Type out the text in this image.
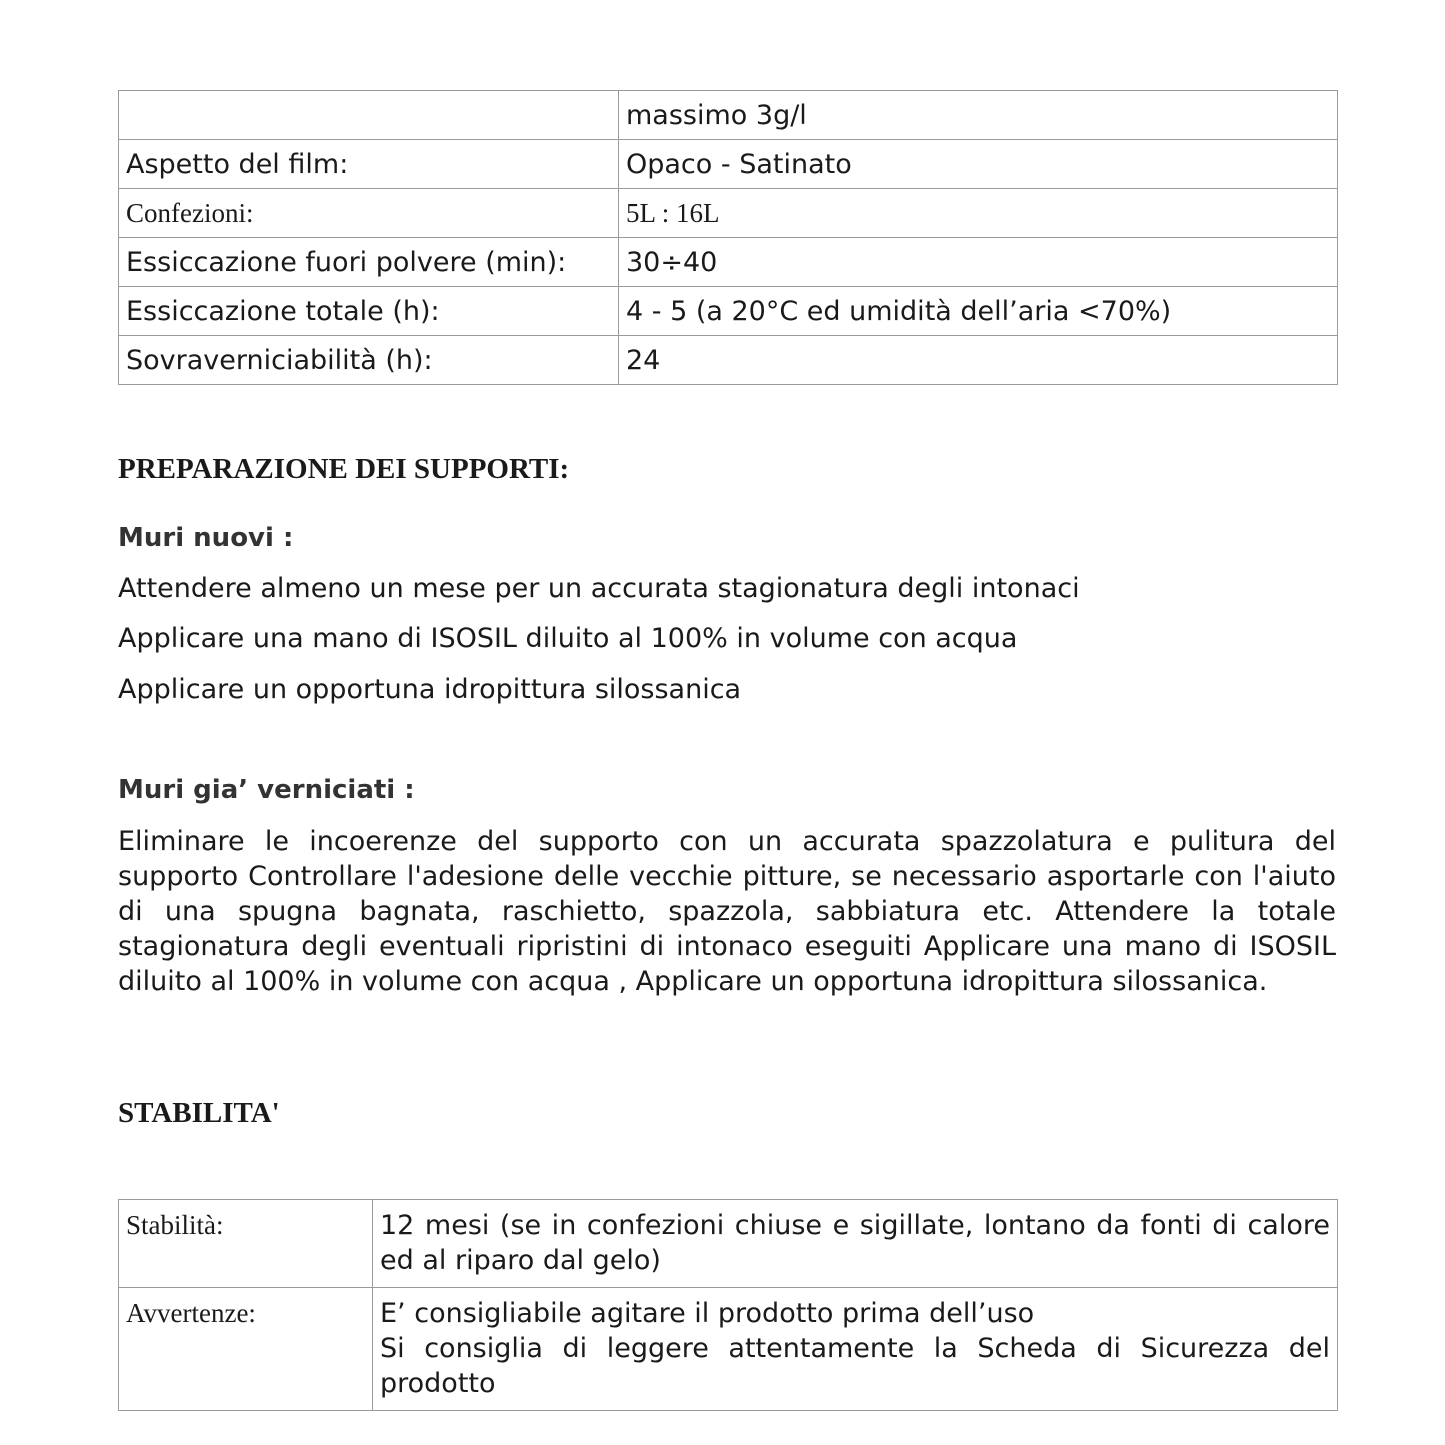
	massimo 3g/l
Aspetto del film:	Opaco - Satinato
Confezioni:	5L : 16L
Essiccazione fuori polvere (min):	30÷40
Essiccazione totale (h):	4 - 5 (a 20°C ed umidità dell’aria <70%)
Sovraverniciabilità (h):	24
PREPARAZIONE DEI SUPPORTI:
Muri nuovi :

Attendere almeno un mese per un accurata stagionatura degli intonaci

Applicare una mano di ISOSIL diluito al 100% in volume con acqua

Applicare un opportuna idropittura silossanica

Muri gia’ verniciati :

Eliminare le incoerenze del supporto con un accurata spazzolatura e pulitura del supporto Controllare l'adesione delle vecchie pitture, se necessario asportarle con l'aiuto di una spugna bagnata, raschietto, spazzola, sabbiatura etc. Attendere la totale stagionatura degli eventuali ripristini di intonaco eseguiti Applicare una mano di ISOSIL diluito al 100% in volume con acqua , Applicare un opportuna idropittura silossanica.

STABILITA'
Stabilità:	12 mesi (se in confezioni chiuse e sigillate, lontano da fonti di calore ed al riparo dal gelo)
Avvertenze:	E’ consigliabile agitare il prodotto prima dell’uso
Si consiglia di leggere attentamente la Scheda di Sicurezza del prodotto
